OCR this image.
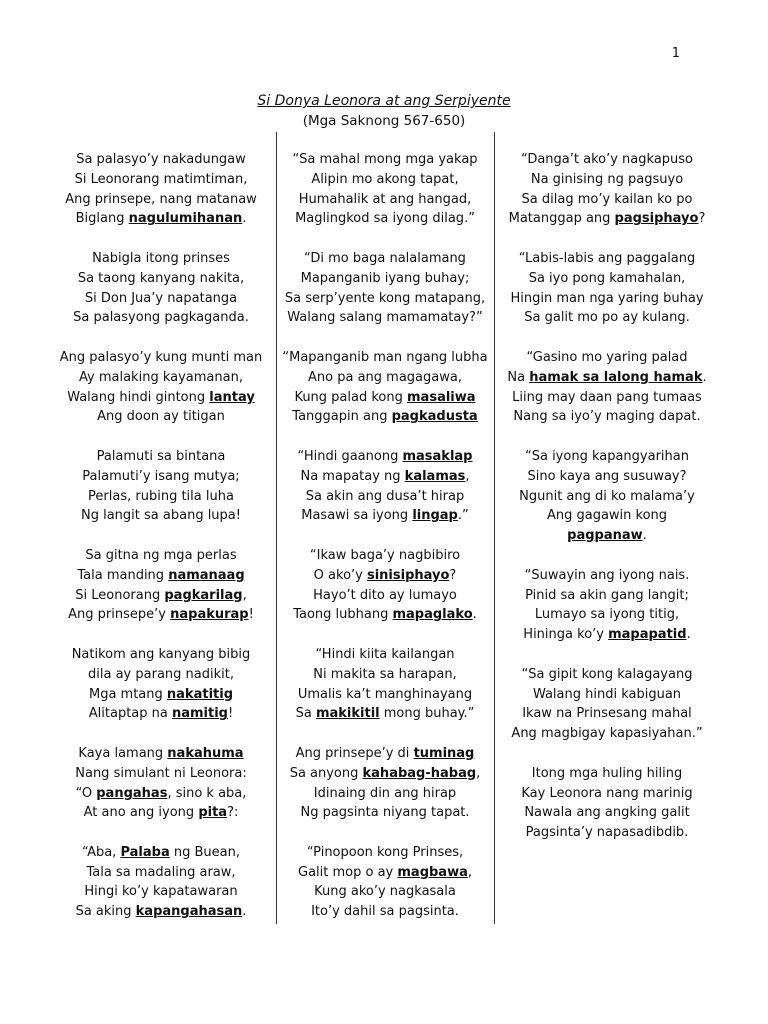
1
Si Donya Leonora at ang Serpiyente
(Mga Saknong 567-650)
Sa palasyo’y nakadungaw
Si Leonorang matimtiman,
Ang prinsepe, nang matanaw
Biglang nagulumihanan.
Nabigla itong prinses
Sa taong kanyang nakita,
Si Don Jua’y napatanga
Sa palasyong pagkaganda.
Ang palasyo’y kung munti man
Ay malaking kayamanan,
Walang hindi gintong lantay
Ang doon ay titigan
Palamuti sa bintana
Palamuti’y isang mutya;
Perlas, rubing tila luha
Ng langit sa abang lupa!
Sa gitna ng mga perlas
Tala manding namanaag
Si Leonorang pagkarilag,
Ang prinsepe’y napakurap!
Natikom ang kanyang bibig
dila ay parang nadikit,
Mga mtang nakatitig
Alitaptap na namitig!
Kaya lamang nakahuma
Nang simulant ni Leonora:
“O pangahas, sino k aba,
At ano ang iyong pita?:
“Aba, Palaba ng Buean,
Tala sa madaling araw,
Hingi ko’y kapatawaran
Sa aking kapangahasan.
“Sa mahal mong mga yakap
Alipin mo akong tapat,
Humahalik at ang hangad,
Maglingkod sa iyong dilag.”
“Di mo baga nalalamang
Mapanganib iyang buhay;
Sa serp’yente kong matapang,
Walang salang mamamatay?”
“Mapanganib man ngang lubha
Ano pa ang magagawa,
Kung palad kong masaliwa
Tanggapin ang pagkadusta
“Hindi gaanong masaklap
Na mapatay ng kalamas,
Sa akin ang dusa’t hirap
Masawi sa iyong lingap.”
“Ikaw baga’y nagbibiro
O ako’y sinisiphayo?
Hayo’t dito ay lumayo
Taong lubhang mapaglako.
“Hindi kiita kailangan
Ni makita sa harapan,
Umalis ka’t manghinayang
Sa makikitil mong buhay.”
Ang prinsepe’y di tuminag
Sa anyong kahabag-habag,
Idinaing din ang hirap
Ng pagsinta niyang tapat.
“Pinopoon kong Prinses,
Galit mop o ay magbawa,
Kung ako’y nagkasala
Ito’y dahil sa pagsinta.
“Danga’t ako’y nagkapuso
Na ginising ng pagsuyo
Sa dilag mo’y kailan ko po
Matanggap ang pagsiphayo?
“Labis-labis ang paggalang
Sa iyo pong kamahalan,
Hingin man nga yaring buhay
Sa galit mo po ay kulang.
“Gasino mo yaring palad
Na hamak sa lalong hamak.
Liing may daan pang tumaas
Nang sa iyo’y maging dapat.
“Sa iyong kapangyarihan
Sino kaya ang susuway?
Ngunit ang di ko malama’y
Ang gagawin kong
pagpanaw.
“Suwayin ang iyong nais.
Pinid sa akin gang langit;
Lumayo sa iyong titig,
Hininga ko’y mapapatid.
“Sa gipit kong kalagayang
Walang hindi kabiguan
Ikaw na Prinsesang mahal
Ang magbigay kapasiyahan.”
Itong mga huling hiling
Kay Leonora nang marinig
Nawala ang angking galit
Pagsinta’y napasadibdib.
